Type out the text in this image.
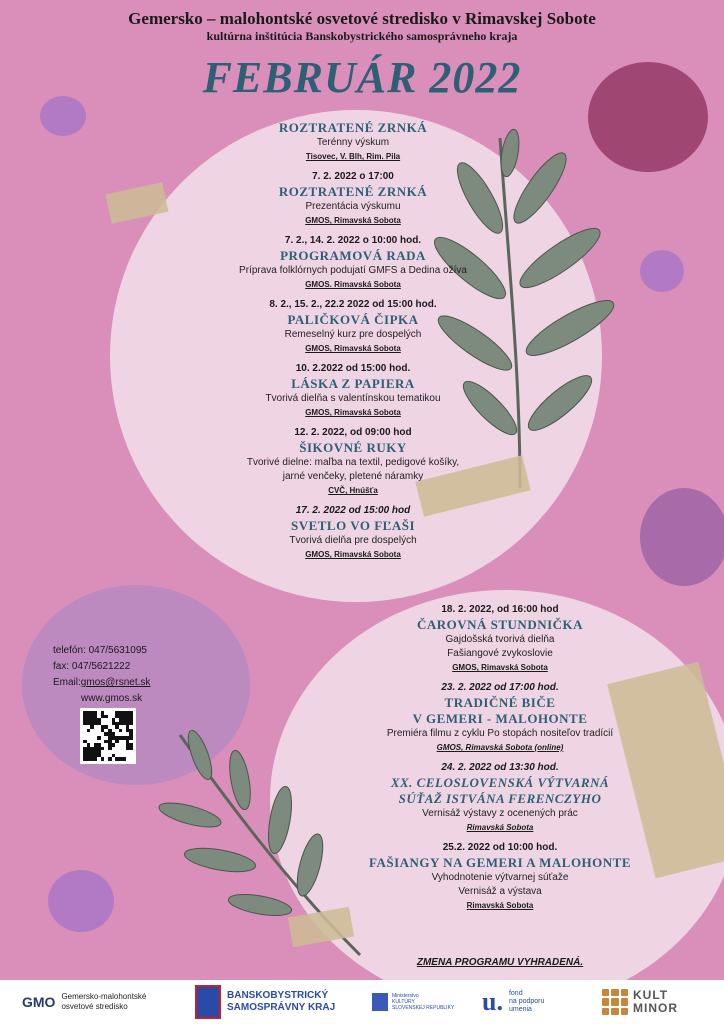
Gemersko – malohontské osvetové stredisko v Rimavskej Sobote
kultúrna inštitúcia Banskobystrického samosprávneho kraja
FEBRUÁR 2022
ROZTRATENÉ ZRNKÁ
Terénny výskum
Tisovec, V. Blh, Rim. Pila
7. 2. 2022 o 17:00
ROZTRATENÉ ZRNKÁ
Prezentácia výskumu
GMOS, Rimavská Sobota
7. 2., 14. 2. 2022 o 10:00 hod.
PROGRAMOVÁ RADA
Príprava folklórnych podujatí GMFS a Dedina ožíva
GMOS. Rimavská Sobota
8. 2., 15. 2., 22.2 2022 od 15:00 hod.
PALIČKOVÁ ČIPKA
Remeselný kurz pre dospelých
GMOS, Rimavská Sobota
10. 2.2022 od 15:00 hod.
LÁSKA Z PAPIERA
Tvorivá dielňa s valentínskou tematikou
GMOS, Rimavská Sobota
12. 2. 2022, od 09:00 hod
ŠIKOVNÉ RUKY
Tvorivé dielne: maľba na textil, pedigové košíky,
jarné venčeky, pletené náramky
CVČ, Hnúšťa
17. 2. 2022 od 15:00 hod
SVETLO VO FĽAŠI
Tvorivá dielňa pre dospelých
GMOS, Rimavská Sobota
18. 2. 2022, od 16:00 hod
ČAROVNÁ STUNDNIČKA
Gajdošská tvorivá dielňa
Fašiangové zvykoslovie
GMOS, Rimavská Sobota
23. 2. 2022 od 17:00 hod.
TRADIČNÉ BIČE
V GEMERI - MALOHONTE
Premiéra filmu z cyklu Po stopách nositeľov tradícií
GMOS, Rimavská Sobota (online)
24. 2. 2022 od 13:30 hod.
XX. CELOSLOVENSKÁ VÝTVARNÁ
SÚŤAŽ ISTVÁNA FERENCZYHO
Vernisáž výstavy z ocenených prác
Rimavská Sobota
25.2. 2022 od 10:00 hod.
FAŠIANGY NA GEMERI A MALOHONTE
Vyhodnotenie výtvarnej súťaže
Vernisáž a výstava
Rimavská Sobota
ZMENA PROGRAMU VYHRADENÁ.
telefón: 047/5631095
fax: 047/5621222
Email:gmos@rsnet.sk
www.gmos.sk
GMO Gemersko-malohontské
osvetové stredisko
BANSKOBYSTRICKÝ
SAMOSPRÁVNY KRAJ
Ministerstvo
KULTÚRY
SLOVENSKEJ REPUBLIKY u. fond
na podporu
umenia
KULT
MINOR
